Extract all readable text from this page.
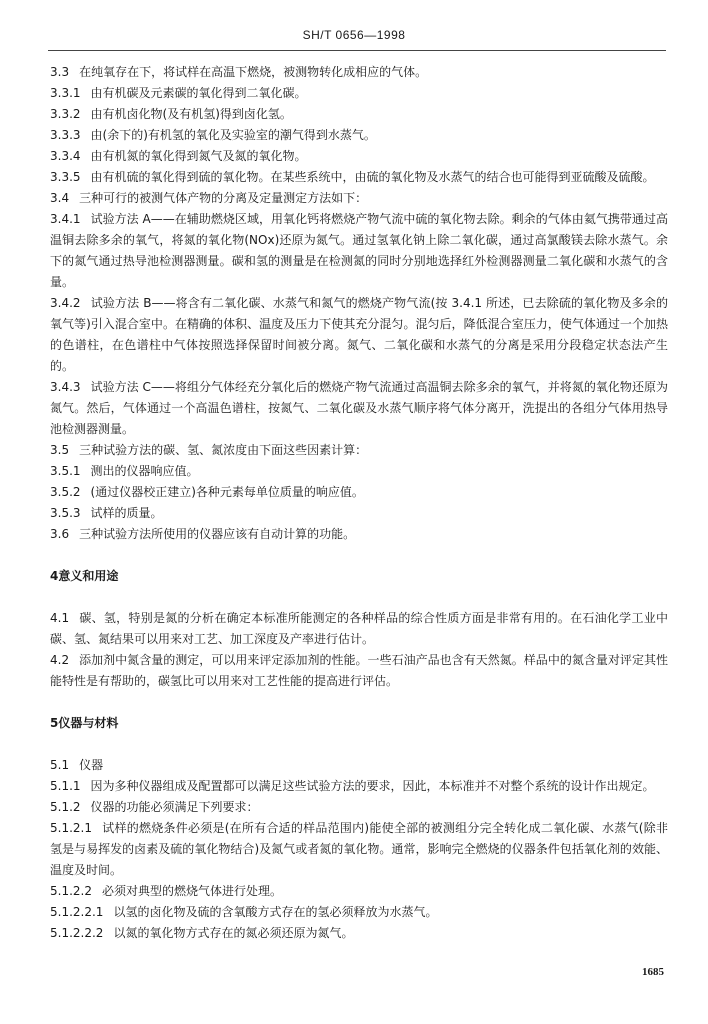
SH/T 0656—1998

3.3 在纯氧存在下，将试样在高温下燃烧，被测物转化成相应的气体。

3.3.1 由有机碳及元素碳的氧化得到二氧化碳。

3.3.2 由有机卤化物(及有机氢)得到卤化氢。

3.3.3 由(余下的)有机氢的氧化及实验室的潮气得到水蒸气。

3.3.4 由有机氮的氧化得到氮气及氮的氧化物。

3.3.5 由有机硫的氧化得到硫的氧化物。在某些系统中，由硫的氧化物及水蒸气的结合也可能得到亚硫酸及硫酸。

3.4 三种可行的被测气体产物的分离及定量测定方法如下：

3.4.1 试验方法 A——在辅助燃烧区域，用氧化钙将燃烧产物气流中硫的氧化物去除。剩余的气体由氦气携带通过高温铜去除多余的氧气，将氮的氧化物(NOx)还原为氮气。通过氢氧化钠上除二氧化碳，通过高氯酸镁去除水蒸气。余下的氮气通过热导池检测器测量。碳和氢的测量是在检测氮的同时分别地选择红外检测器测量二氧化碳和水蒸气的含量。

3.4.2 试验方法 B——将含有二氧化碳、水蒸气和氮气的燃烧产物气流(按 3.4.1 所述，已去除硫的氧化物及多余的氧气等)引入混合室中。在精确的体积、温度及压力下使其充分混匀。混匀后，降低混合室压力，使气体通过一个加热的色谱柱，在色谱柱中气体按照选择保留时间被分离。氮气、二氧化碳和水蒸气的分离是采用分段稳定状态法产生的。

3.4.3 试验方法 C——将组分气体经充分氧化后的燃烧产物气流通过高温铜去除多余的氧气，并将氮的氧化物还原为氮气。然后，气体通过一个高温色谱柱，按氮气、二氧化碳及水蒸气顺序将气体分离开，洗提出的各组分气体用热导池检测器测量。

3.5 三种试验方法的碳、氢、氮浓度由下面这些因素计算：

3.5.1 测出的仪器响应值。

3.5.2 (通过仪器校正建立)各种元素每单位质量的响应值。

3.5.3 试样的质量。

3.6 三种试验方法所使用的仪器应该有自动计算的功能。

4意义和用途

4.1 碳、氢，特别是氮的分析在确定本标准所能测定的各种样品的综合性质方面是非常有用的。在石油化学工业中碳、氢、氮结果可以用来对工艺、加工深度及产率进行估计。

4.2 添加剂中氮含量的测定，可以用来评定添加剂的性能。一些石油产品也含有天然氮。样品中的氮含量对评定其性能特性是有帮助的，碳氢比可以用来对工艺性能的提高进行评估。

5仪器与材料

5.1 仪器

5.1.1 因为多种仪器组成及配置都可以满足这些试验方法的要求，因此，本标准并不对整个系统的设计作出规定。

5.1.2 仪器的功能必须满足下列要求：

5.1.2.1 试样的燃烧条件必须是(在所有合适的样品范围内)能使全部的被测组分完全转化成二氧化碳、水蒸气(除非氢是与易挥发的卤素及硫的氧化物结合)及氮气或者氮的氧化物。通常，影响完全燃烧的仪器条件包括氧化剂的效能、温度及时间。

5.1.2.2 必须对典型的燃烧气体进行处理。

5.1.2.2.1 以氢的卤化物及硫的含氧酸方式存在的氢必须释放为水蒸气。

5.1.2.2.2 以氮的氧化物方式存在的氮必须还原为氮气。

1685
